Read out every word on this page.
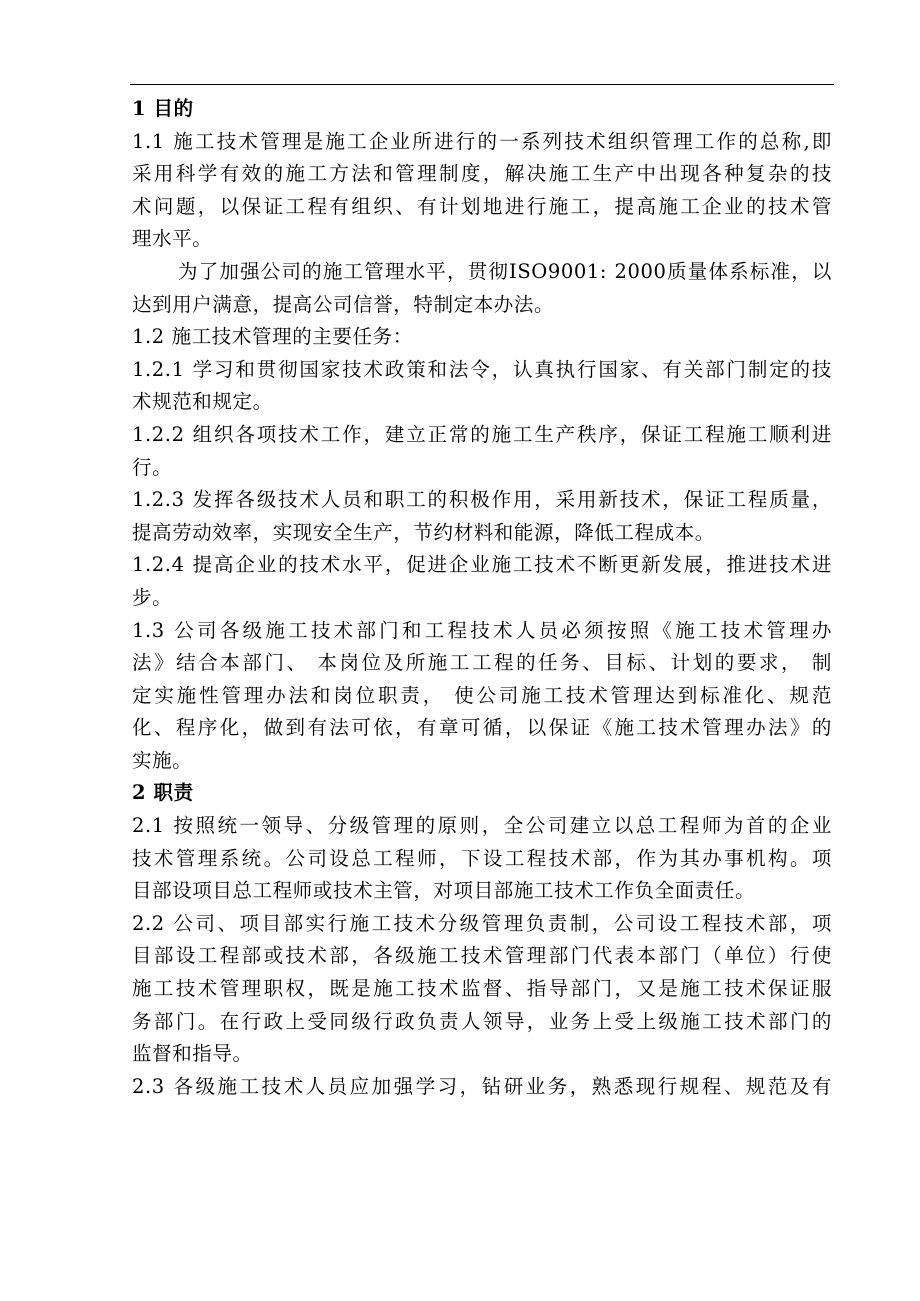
1 目的
1.1 施工技术管理是施工企业所进行的一系列技术组织管理工作的总称,即
采用科学有效的施工方法和管理制度，解决施工生产中出现各种复杂的技
术问题，以保证工程有组织、有计划地进行施工，提高施工企业的技术管
理水平。
为了加强公司的施工管理水平，贯彻ISO9001: 2000质量体系标准，以
达到用户满意，提高公司信誉，特制定本办法。
1.2 施工技术管理的主要任务：
1.2.1 学习和贯彻国家技术政策和法令，认真执行国家、有关部门制定的技
术规范和规定。
1.2.2 组织各项技术工作，建立正常的施工生产秩序，保证工程施工顺利进
行。
1.2.3 发挥各级技术人员和职工的积极作用，采用新技术，保证工程质量，
提高劳动效率，实现安全生产，节约材料和能源，降低工程成本。
1.2.4 提高企业的技术水平，促进企业施工技术不断更新发展，推进技术进
步。
1.3 公司各级施工技术部门和工程技术人员必须按照《施工技术管理办
法》结合本部门、 本岗位及所施工工程的任务、目标、计划的要求， 制
定实施性管理办法和岗位职责， 使公司施工技术管理达到标准化、规范
化、程序化，做到有法可依，有章可循，以保证《施工技术管理办法》的
实施。
2 职责
2.1 按照统一领导、分级管理的原则，全公司建立以总工程师为首的企业
技术管理系统。公司设总工程师，下设工程技术部，作为其办事机构。项
目部设项目总工程师或技术主管，对项目部施工技术工作负全面责任。
2.2 公司、项目部实行施工技术分级管理负责制，公司设工程技术部，项
目部设工程部或技术部，各级施工技术管理部门代表本部门（单位）行使
施工技术管理职权，既是施工技术监督、指导部门，又是施工技术保证服
务部门。在行政上受同级行政负责人领导，业务上受上级施工技术部门的
监督和指导。
2.3 各级施工技术人员应加强学习，钻研业务，熟悉现行规程、规范及有
